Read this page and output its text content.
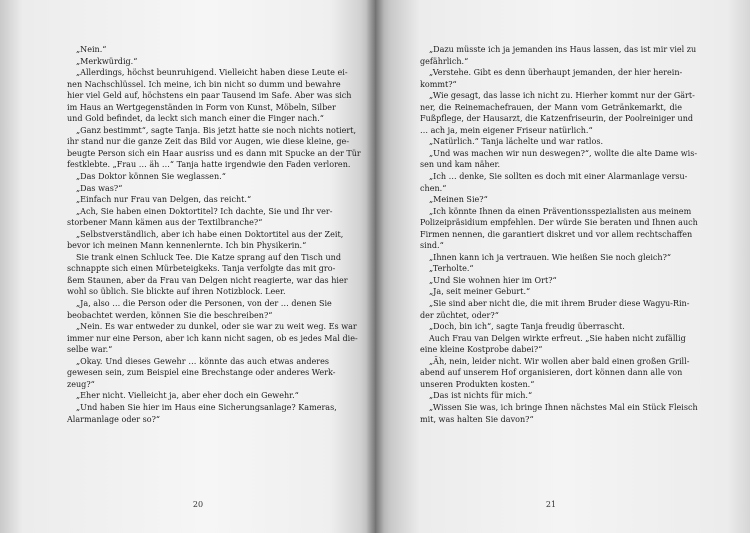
„Nein.“
„Merkwürdig.“
„Allerdings, höchst beunruhigend. Vielleicht haben diese Leute ei-
nen Nachschlüssel. Ich meine, ich bin nicht so dumm und bewahre
hier viel Geld auf, höchstens ein paar Tausend im Safe. Aber was sich
im Haus an Wertgegenständen in Form von Kunst, Möbeln, Silber
und Gold befindet, da leckt sich manch einer die Finger nach.“
„Ganz bestimmt“, sagte Tanja. Bis jetzt hatte sie noch nichts notiert,
ihr stand nur die ganze Zeit das Bild vor Augen, wie diese kleine, ge-
beugte Person sich ein Haar ausriss und es dann mit Spucke an der Tür
festklebte. „Frau … äh …“ Tanja hatte irgendwie den Faden verloren.
„Das Doktor können Sie weglassen.“
„Das was?“
„Einfach nur Frau van Delgen, das reicht.“
„Ach, Sie haben einen Doktortitel? Ich dachte, Sie und Ihr ver-
storbener Mann kämen aus der Textilbranche?“
„Selbstverständlich, aber ich habe einen Doktortitel aus der Zeit,
bevor ich meinen Mann kennenlernte. Ich bin Physikerin.“
Sie trank einen Schluck Tee. Die Katze sprang auf den Tisch und
schnappte sich einen Mürbeteigkeks. Tanja verfolgte das mit gro-
ßem Staunen, aber da Frau van Delgen nicht reagierte, war das hier
wohl so üblich. Sie blickte auf ihren Notizblock. Leer.
„Ja, also … die Person oder die Personen, von der … denen Sie
beobachtet werden, können Sie die beschreiben?“
„Nein. Es war entweder zu dunkel, oder sie war zu weit weg. Es war
immer nur eine Person, aber ich kann nicht sagen, ob es jedes Mal die-
selbe war.“
„Okay. Und dieses Gewehr … könnte das auch etwas anderes
gewesen sein, zum Beispiel eine Brechstange oder anderes Werk-
zeug?“
„Eher nicht. Vielleicht ja, aber eher doch ein Gewehr.“
„Und haben Sie hier im Haus eine Sicherungsanlage? Kameras,
Alarmanlage oder so?“
20
„Dazu müsste ich ja jemanden ins Haus lassen, das ist mir viel zu
gefährlich.“
„Verstehe. Gibt es denn überhaupt jemanden, der hier herein-
kommt?“
„Wie gesagt, das lasse ich nicht zu. Hierher kommt nur der Gärt-
ner, die Reinemachefrauen, der Mann vom Getränkemarkt, die
Fußpflege, der Hausarzt, die Katzenfriseurin, der Poolreiniger und
… ach ja, mein eigener Friseur natürlich.“
„Natürlich.“ Tanja lächelte und war ratlos.
„Und was machen wir nun deswegen?“, wollte die alte Dame wis-
sen und kam näher.
„Ich … denke, Sie sollten es doch mit einer Alarmanlage versu-
chen.“
„Meinen Sie?“
„Ich könnte Ihnen da einen Präventionsspezialisten aus meinem
Polizeipräsidium empfehlen. Der würde Sie beraten und Ihnen auch
Firmen nennen, die garantiert diskret und vor allem rechtschaffen
sind.“
„Ihnen kann ich ja vertrauen. Wie heißen Sie noch gleich?“
„Terholte.“
„Und Sie wohnen hier im Ort?“
„Ja, seit meiner Geburt.“
„Sie sind aber nicht die, die mit ihrem Bruder diese Wagyu-Rin-
der züchtet, oder?“
„Doch, bin ich“, sagte Tanja freudig überrascht.
Auch Frau van Delgen wirkte erfreut. „Sie haben nicht zufällig
eine kleine Kostprobe dabei?“
„Äh, nein, leider nicht. Wir wollen aber bald einen großen Grill-
abend auf unserem Hof organisieren, dort können dann alle von
unseren Produkten kosten.“
„Das ist nichts für mich.“
„Wissen Sie was, ich bringe Ihnen nächstes Mal ein Stück Fleisch
mit, was halten Sie davon?“
21
